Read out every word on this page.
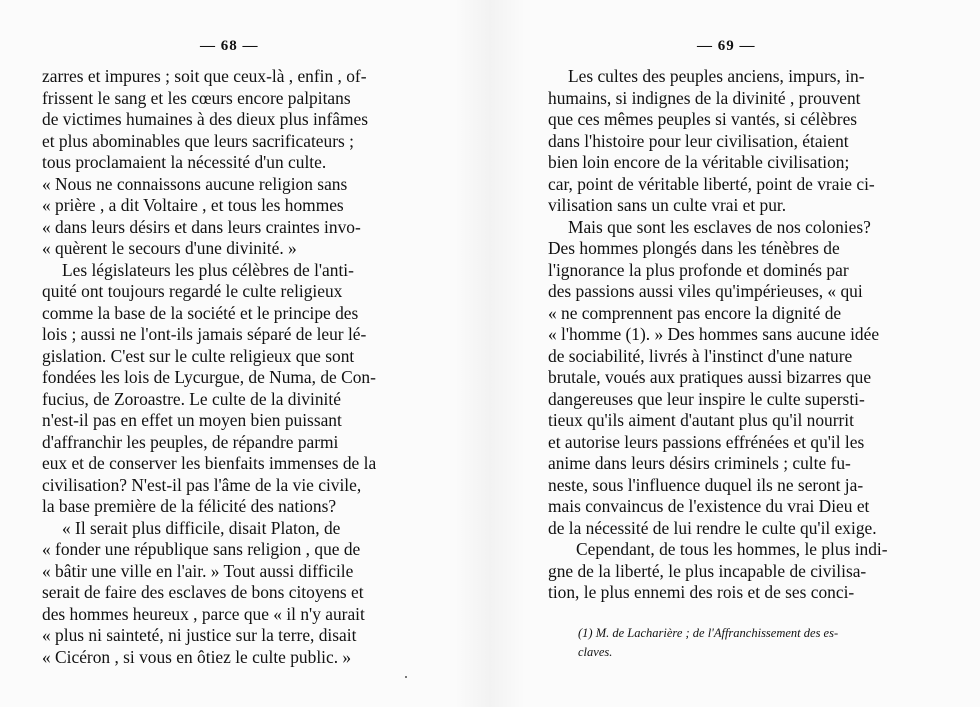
— 68 —
zarres et impures ; soit que ceux-là , enfin , of-
frissent le sang et les cœurs encore palpitans
de victimes humaines à des dieux plus infâmes
et plus abominables que leurs sacrificateurs ;
tous proclamaient la nécessité d'un culte.
« Nous ne connaissons aucune religion sans
« prière , a dit Voltaire , et tous les hommes
« dans leurs désirs et dans leurs craintes invo-
« quèrent le secours d'une divinité. »
Les législateurs les plus célèbres de l'anti-
quité ont toujours regardé le culte religieux
comme la base de la société et le principe des
lois ; aussi ne l'ont-ils jamais séparé de leur lé-
gislation. C'est sur le culte religieux que sont
fondées les lois de Lycurgue, de Numa, de Con-
fucius, de Zoroastre. Le culte de la divinité
n'est-il pas en effet un moyen bien puissant
d'affranchir les peuples, de répandre parmi
eux et de conserver les bienfaits immenses de la
civilisation? N'est-il pas l'âme de la vie civile,
la base première de la félicité des nations?
« Il serait plus difficile, disait Platon, de
« fonder une république sans religion , que de
« bâtir une ville en l'air. » Tout aussi difficile
serait de faire des esclaves de bons citoyens et
des hommes heureux , parce que « il n'y aurait
« plus ni sainteté, ni justice sur la terre, disait
« Cicéron , si vous en ôtiez le culte public. »
— 69 —
Les cultes des peuples anciens, impurs, in-
humains, si indignes de la divinité , prouvent
que ces mêmes peuples si vantés, si célèbres
dans l'histoire pour leur civilisation, étaient
bien loin encore de la véritable civilisation;
car, point de véritable liberté, point de vraie ci-
vilisation sans un culte vrai et pur.
Mais que sont les esclaves de nos colonies?
Des hommes plongés dans les ténèbres de
l'ignorance la plus profonde et dominés par
des passions aussi viles qu'impérieuses, « qui
« ne comprennent pas encore la dignité de
« l'homme (1). » Des hommes sans aucune idée
de sociabilité, livrés à l'instinct d'une nature
brutale, voués aux pratiques aussi bizarres que
dangereuses que leur inspire le culte supersti-
tieux qu'ils aiment d'autant plus qu'il nourrit
et autorise leurs passions effrénées et qu'il les
anime dans leurs désirs criminels ; culte fu-
neste, sous l'influence duquel ils ne seront ja-
mais convaincus de l'existence du vrai Dieu et
de la nécessité de lui rendre le culte qu'il exige.
Cependant, de tous les hommes, le plus indi-
gne de la liberté, le plus incapable de civilisa-
tion, le plus ennemi des rois et de ses conci-
(1) M. de Lacharière ; de l'Affranchissement des es-
claves.
